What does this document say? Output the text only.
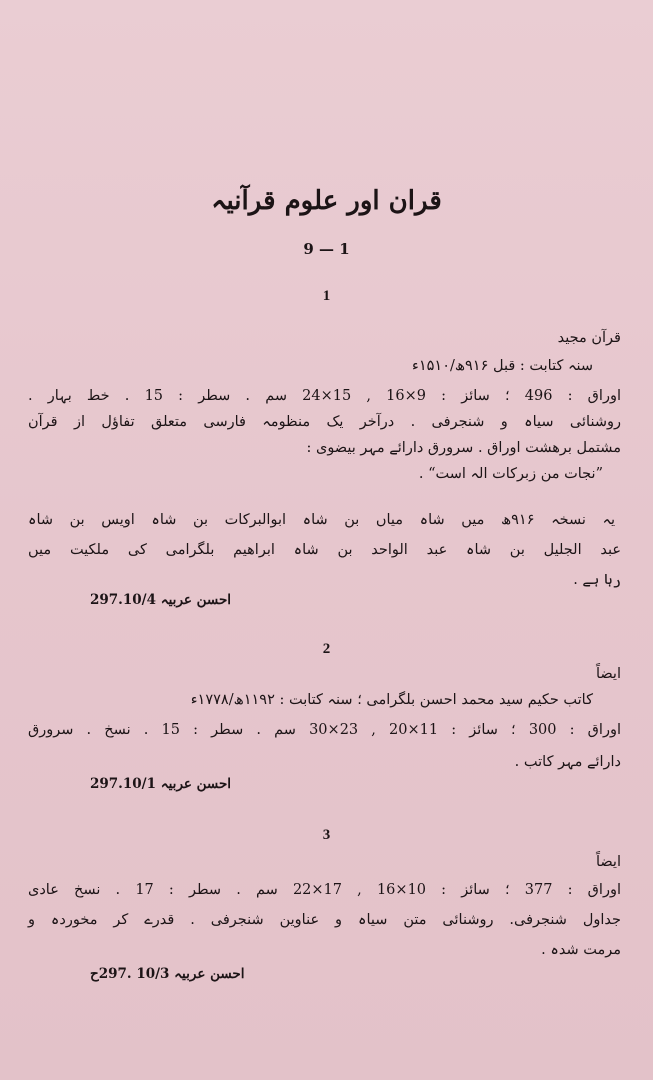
قران اور علوم قرآنیہ
9 — 1
1
قرآن مجید
سنہ کتابت : قبل ۹۱۶ھ/۱۵۱۰ء
اوراق : 496 ؛ سائز : 9×16 , 15×24 سم . سطر : 15 . خط بہار .
روشنائی سیاہ و شنجرفی . درآخر یک منظومہ فارسی متعلق تفاؤل از قرآن
مشتمل برهشت اوراق . سرورق دارائے مہر بیضوی :
”نجات من زبرکات الہ است“ .
یہ نسخہ ۹۱۶ھ میں شاہ میاں بن شاہ ابوالبرکات بن شاہ اویس بن شاہ
عبد الجلیل بن شاہ عبد الواحد بن شاہ ابراهیم بلگرامی کی ملکیت میں
رہا ہے .
احسن عربیہ 297.10/4
2
ایضاً
کاتب حکیم سید محمد احسن بلگرامی ؛ سنہ کتابت : ۱۱۹۲ھ/۱۷۷۸ء
اوراق : 300 ؛ سائز : 11×20 , 23×30 سم . سطر : 15 . نسخ . سرورق
دارائے مہر کاتب .
احسن عربیہ 297.10/1
3
ایضاً
اوراق : 377 ؛ سائز : 10×16 , 17×22 سم . سطر : 17 . نسخ عادی
جداول شنجرفی. روشنائی متن سیاہ و عناوین شنجرفی . قدرے کر مخوردہ و
مرمت شدہ .
احسن عربیہ 10/3 .297ح
